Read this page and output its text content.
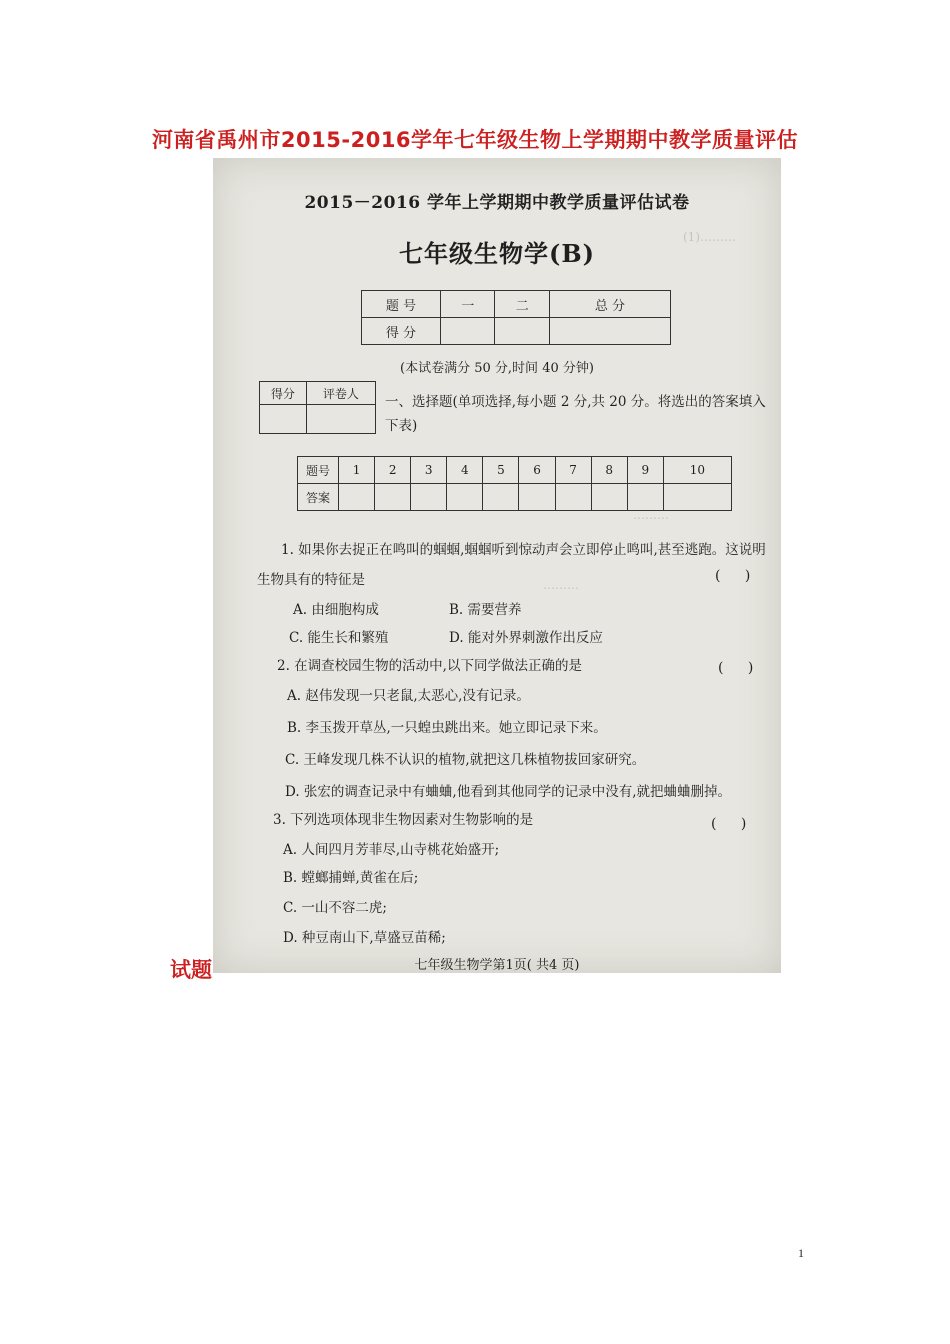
河南省禹州市2015-2016学年七年级生物上学期期中教学质量评估
(1)………
………
………
2015－2016 学年上学期期中教学质量评估试卷
七年级生物学(B)
题 号	一	二	总 分
得 分			
(本试卷满分 50 分,时间 40 分钟)
得分	评卷人

一、选择题(单项选择,每小题 2 分,共 20 分。将选出的答案填入下表)
题号	1	2	3	4	5	6	7	8	9	10
答案										
1. 如果你去捉正在鸣叫的蝈蝈,蝈蝈听到惊动声会立即停止鸣叫,甚至逃跑。这说明
生物具有的特征是	( )
A. 由细胞构成	B. 需要营养
C. 能生长和繁殖	D. 能对外界刺激作出反应
2. 在调查校园生物的活动中,以下同学做法正确的是	( )
A. 赵伟发现一只老鼠,太恶心,没有记录。
B. 李玉拨开草丛,一只蝗虫跳出来。她立即记录下来。
C. 王峰发现几株不认识的植物,就把这几株植物拔回家研究。
D. 张宏的调查记录中有蛐蛐,他看到其他同学的记录中没有,就把蛐蛐删掉。
3. 下列选项体现非生物因素对生物影响的是	( )
A. 人间四月芳菲尽,山寺桃花始盛开;
B. 螳螂捕蝉,黄雀在后;
C. 一山不容二虎;
D. 种豆南山下,草盛豆苗稀;
七年级生物学第1页( 共4 页)
试题
1
